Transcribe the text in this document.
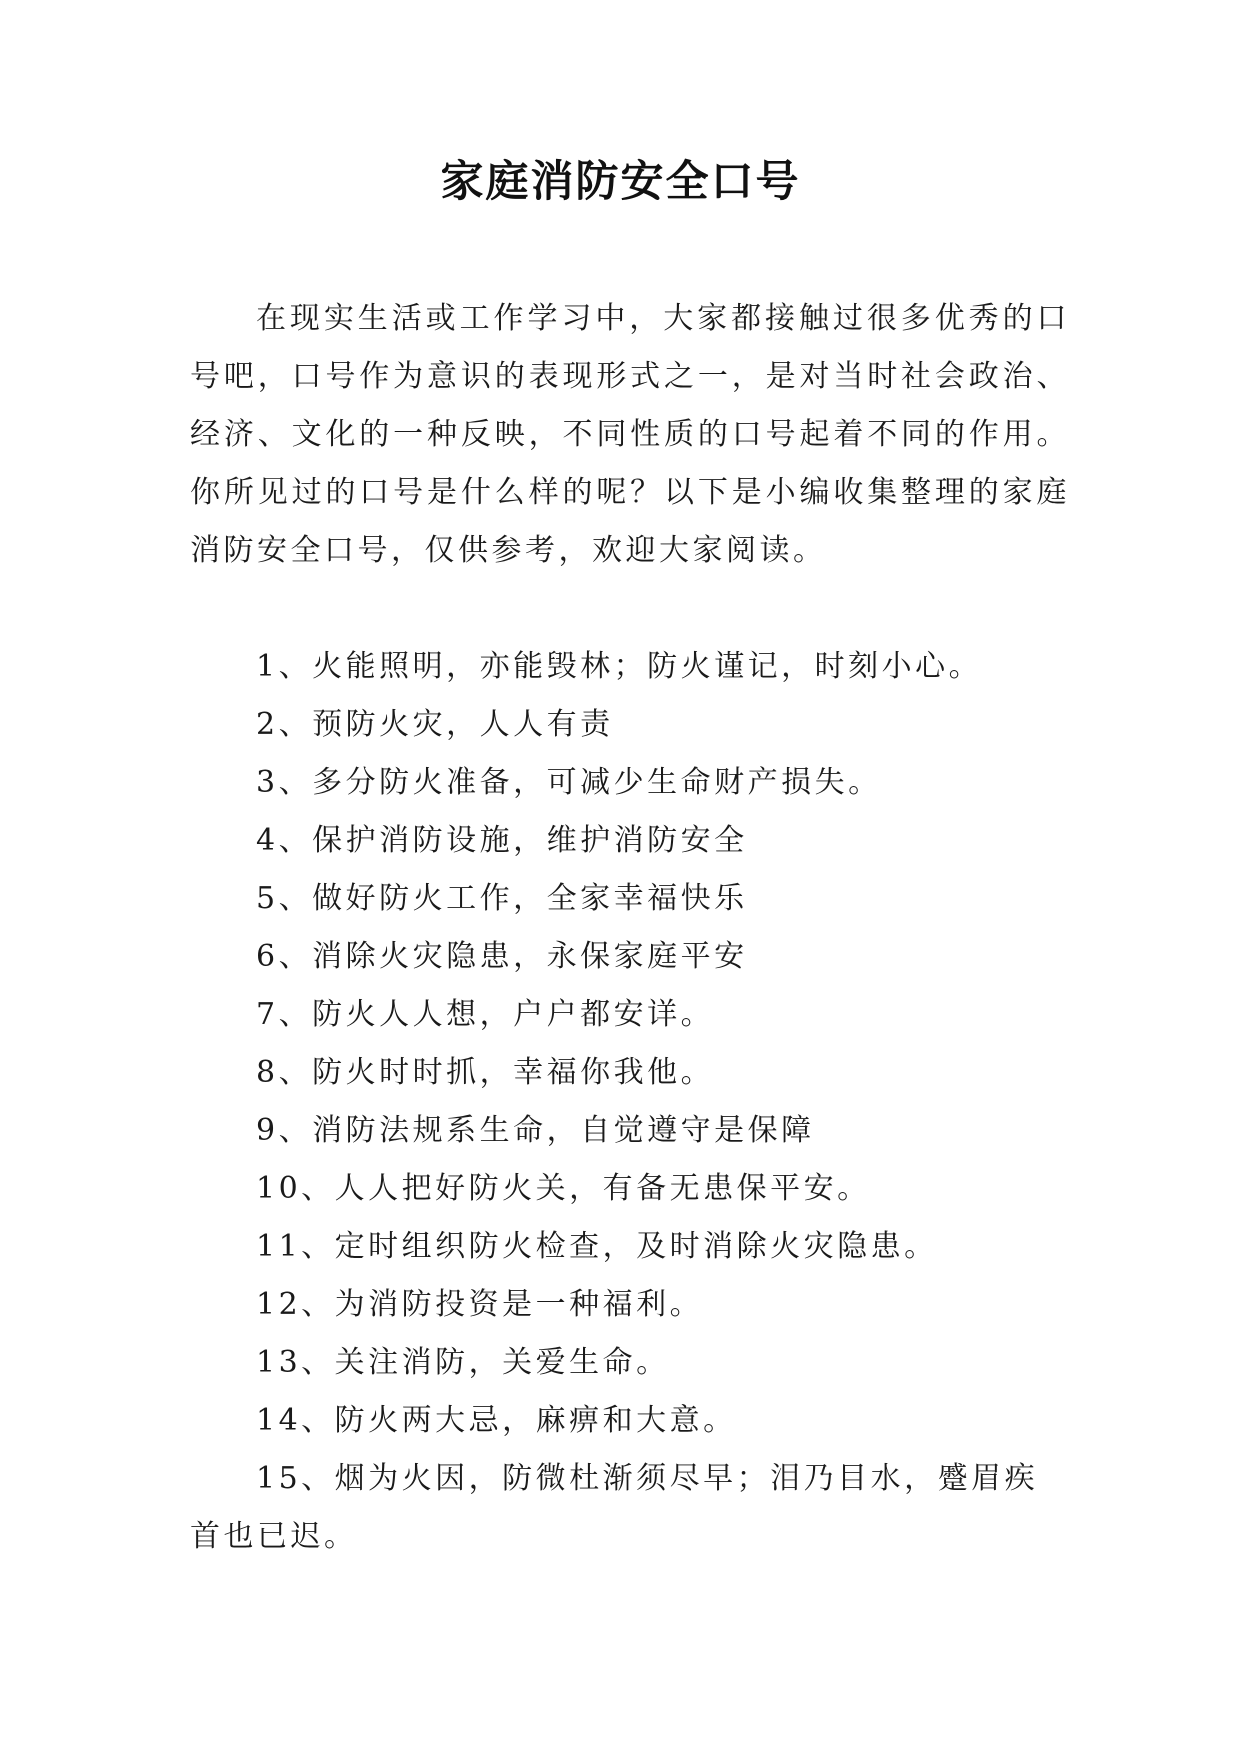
家庭消防安全口号

在现实生活或工作学习中，大家都接触过很多优秀的口号吧，口号作为意识的表现形式之一，是对当时社会政治、经济、文化的一种反映，不同性质的口号起着不同的作用。你所见过的口号是什么样的呢？以下是小编收集整理的家庭消防安全口号，仅供参考，欢迎大家阅读。

1、火能照明，亦能毁林；防火谨记，时刻小心。
2、预防火灾，人人有责
3、多分防火准备，可减少生命财产损失。
4、保护消防设施，维护消防安全
5、做好防火工作，全家幸福快乐
6、消除火灾隐患，永保家庭平安
7、防火人人想，户户都安详。
8、防火时时抓，幸福你我他。
9、消防法规系生命，自觉遵守是保障
10、人人把好防火关，有备无患保平安。
11、定时组织防火检查，及时消除火灾隐患。
12、为消防投资是一种福利。
13、关注消防，关爱生命。
14、防火两大忌，麻痹和大意。
15、烟为火因，防微杜渐须尽早；泪乃目水，蹙眉疾首也已迟。
